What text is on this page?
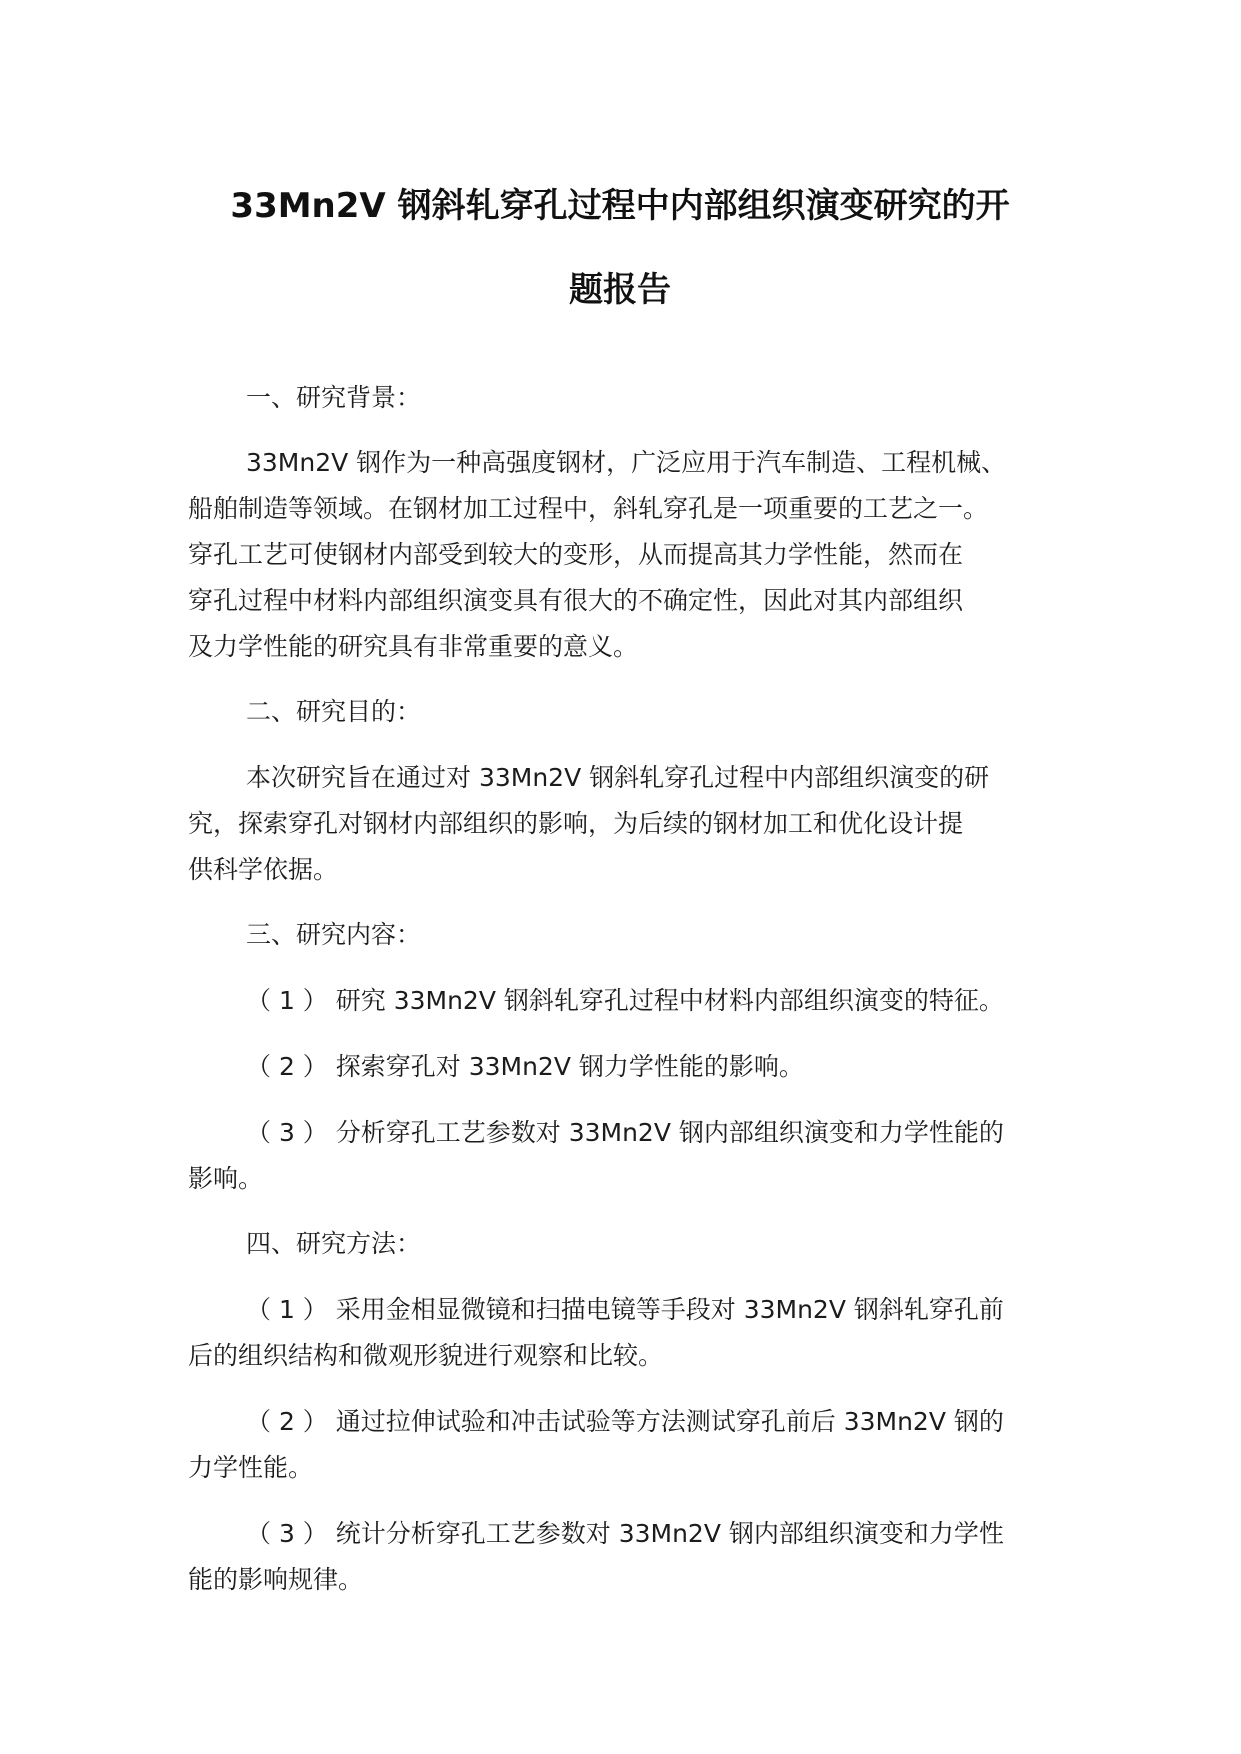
33Mn2V 钢斜轧穿孔过程中内部组织演变研究的开
题报告
一、研究背景：
33Mn2V 钢作为一种高强度钢材，广泛应用于汽车制造、工程机械、
船舶制造等领域。在钢材加工过程中，斜轧穿孔是一项重要的工艺之一。
穿孔工艺可使钢材内部受到较大的变形，从而提高其力学性能，然而在
穿孔过程中材料内部组织演变具有很大的不确定性，因此对其内部组织
及力学性能的研究具有非常重要的意义。
二、研究目的：
本次研究旨在通过对 33Mn2V 钢斜轧穿孔过程中内部组织演变的研
究，探索穿孔对钢材内部组织的影响，为后续的钢材加工和优化设计提
供科学依据。
三、研究内容：
（ 1 ） 研究 33Mn2V 钢斜轧穿孔过程中材料内部组织演变的特征。
（ 2 ） 探索穿孔对 33Mn2V 钢力学性能的影响。
（ 3 ） 分析穿孔工艺参数对 33Mn2V 钢内部组织演变和力学性能的
影响。
四、研究方法：
（ 1 ） 采用金相显微镜和扫描电镜等手段对 33Mn2V 钢斜轧穿孔前
后的组织结构和微观形貌进行观察和比较。
（ 2 ） 通过拉伸试验和冲击试验等方法测试穿孔前后 33Mn2V 钢的
力学性能。
（ 3 ） 统计分析穿孔工艺参数对 33Mn2V 钢内部组织演变和力学性
能的影响规律。
